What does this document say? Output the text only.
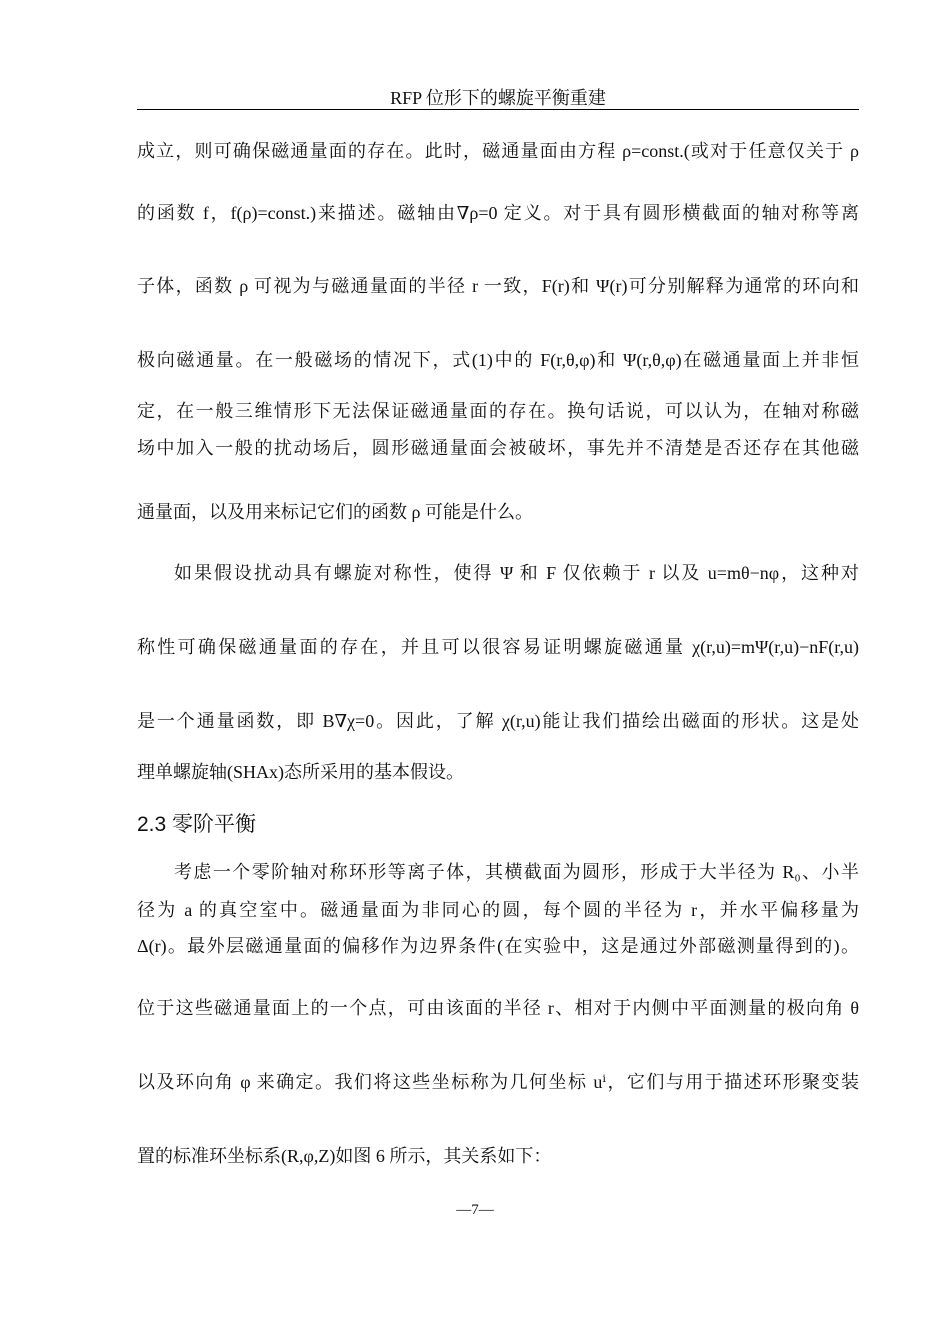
RFP 位形下的螺旋平衡重建
成立，则可确保磁通量面的存在。此时，磁通量面由方程 ρ=const.(或对于任意仅关于 ρ
的函数 f，f(ρ)=const.)来描述。磁轴由∇ρ=0 定义。对于具有圆形横截面的轴对称等离
子体，函数 ρ 可视为与磁通量面的半径 r 一致，F(r)和 Ψ(r)可分别解释为通常的环向和
极向磁通量。在一般磁场的情况下，式(1)中的 F(r,θ,φ)和 Ψ(r,θ,φ)在磁通量面上并非恒
定，在一般三维情形下无法保证磁通量面的存在。换句话说，可以认为，在轴对称磁
场中加入一般的扰动场后，圆形磁通量面会被破坏，事先并不清楚是否还存在其他磁
通量面，以及用来标记它们的函数 ρ 可能是什么。
如果假设扰动具有螺旋对称性，使得 Ψ 和 F 仅依赖于 r 以及 u=mθ−nφ，这种对
称性可确保磁通量面的存在，并且可以很容易证明螺旋磁通量 χ(r,u)=mΨ(r,u)−nF(r,u)
是一个通量函数，即 B∇χ=0。因此，了解 χ(r,u)能让我们描绘出磁面的形状。这是处
理单螺旋轴(SHAx)态所采用的基本假设。
2.3 零阶平衡
考虑一个零阶轴对称环形等离子体，其横截面为圆形，形成于大半径为 R₀、小半
径为 a 的真空室中。磁通量面为非同心的圆，每个圆的半径为 r，并水平偏移量为
Δ(r)。最外层磁通量面的偏移作为边界条件(在实验中，这是通过外部磁测量得到的)。
位于这些磁通量面上的一个点，可由该面的半径 r、相对于内侧中平面测量的极向角 θ
以及环向角 φ 来确定。我们将这些坐标称为几何坐标 uⁱ，它们与用于描述环形聚变装
置的标准环坐标系(R,φ,Z)如图 6 所示，其关系如下：
—7—
